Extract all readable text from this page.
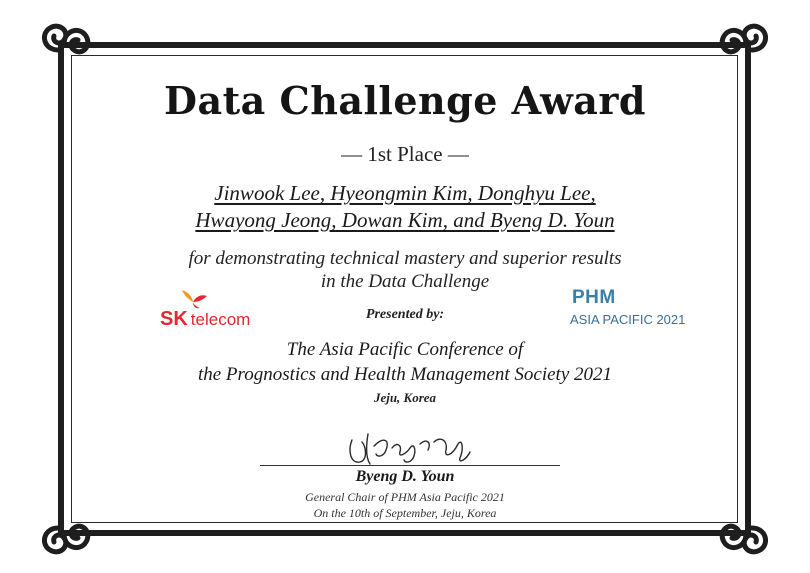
Data Challenge Award
— 1st Place —
Jinwook Lee, Hyeongmin Kim, Donghyu Lee,
Hwayong Jeong, Dowan Kim, and Byeng D. Youn
for demonstrating technical mastery and superior results
in the Data Challenge
SK telecom
PHM
ASIA PACIFIC 2021
Presented by:
The Asia Pacific Conference of
the Prognostics and Health Management Society 2021
Jeju, Korea
Byeng D. Youn
General Chair of PHM Asia Pacific 2021
On the 10th of September, Jeju, Korea
